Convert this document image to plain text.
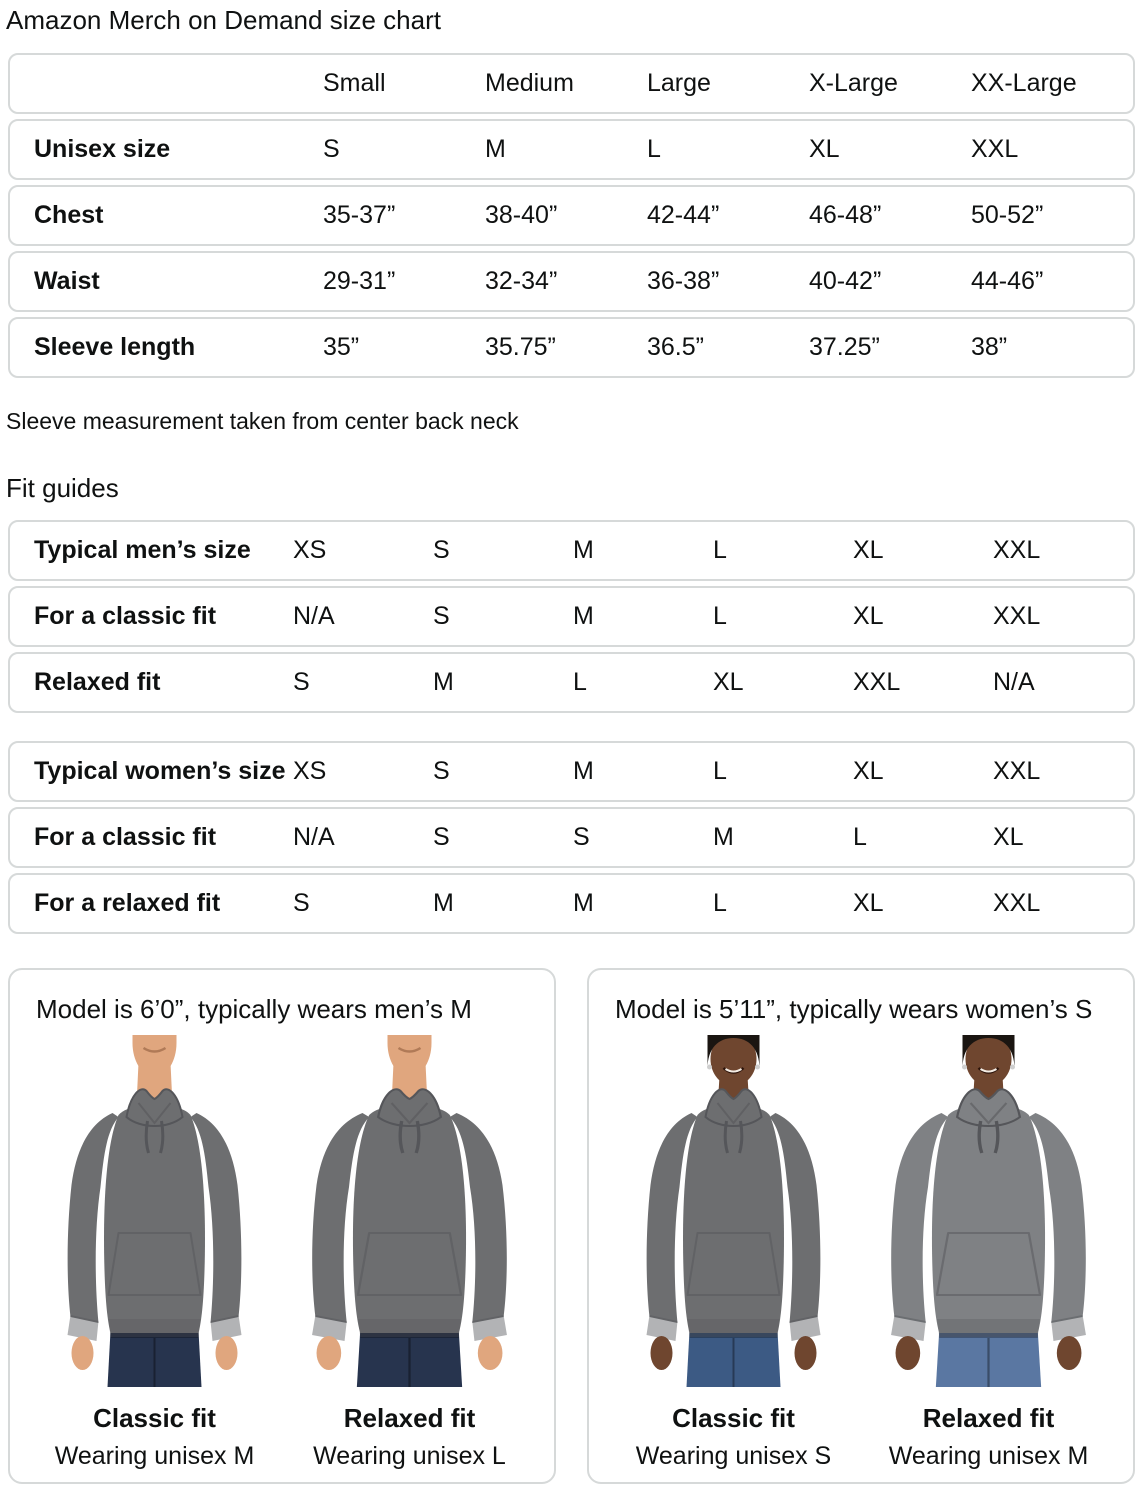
Amazon Merch on Demand size chart
Small	Medium	Large	X-Large	XX-Large
Unisex size	S	M	L	XL	XXL
Chest	35-37”	38-40”	42-44”	46-48”	50-52”
Waist	29-31”	32-34”	36-38”	40-42”	44-46”
Sleeve length	35”	35.75”	36.5”	37.25”	38”
Sleeve measurement taken from center back neck
Fit guides
Typical men’s size	XS	S	M	L	XL	XXL
For a classic fit	N/A	S	M	L	XL	XXL
Relaxed fit	S	M	L	XL	XXL	N/A
Typical women’s size XS	S	M	L	XL	XXL
For a classic fit	N/A	S	S	M	L	XL
For a relaxed fit	S	M	M	L	XL	XXL
Model is 6’0”, typically wears men’s M
Classic fit
Wearing unisex M
Relaxed fit
Wearing unisex L
Model is 5’11”, typically wears women’s S
Classic fit
Wearing unisex S
Relaxed fit
Wearing unisex M
